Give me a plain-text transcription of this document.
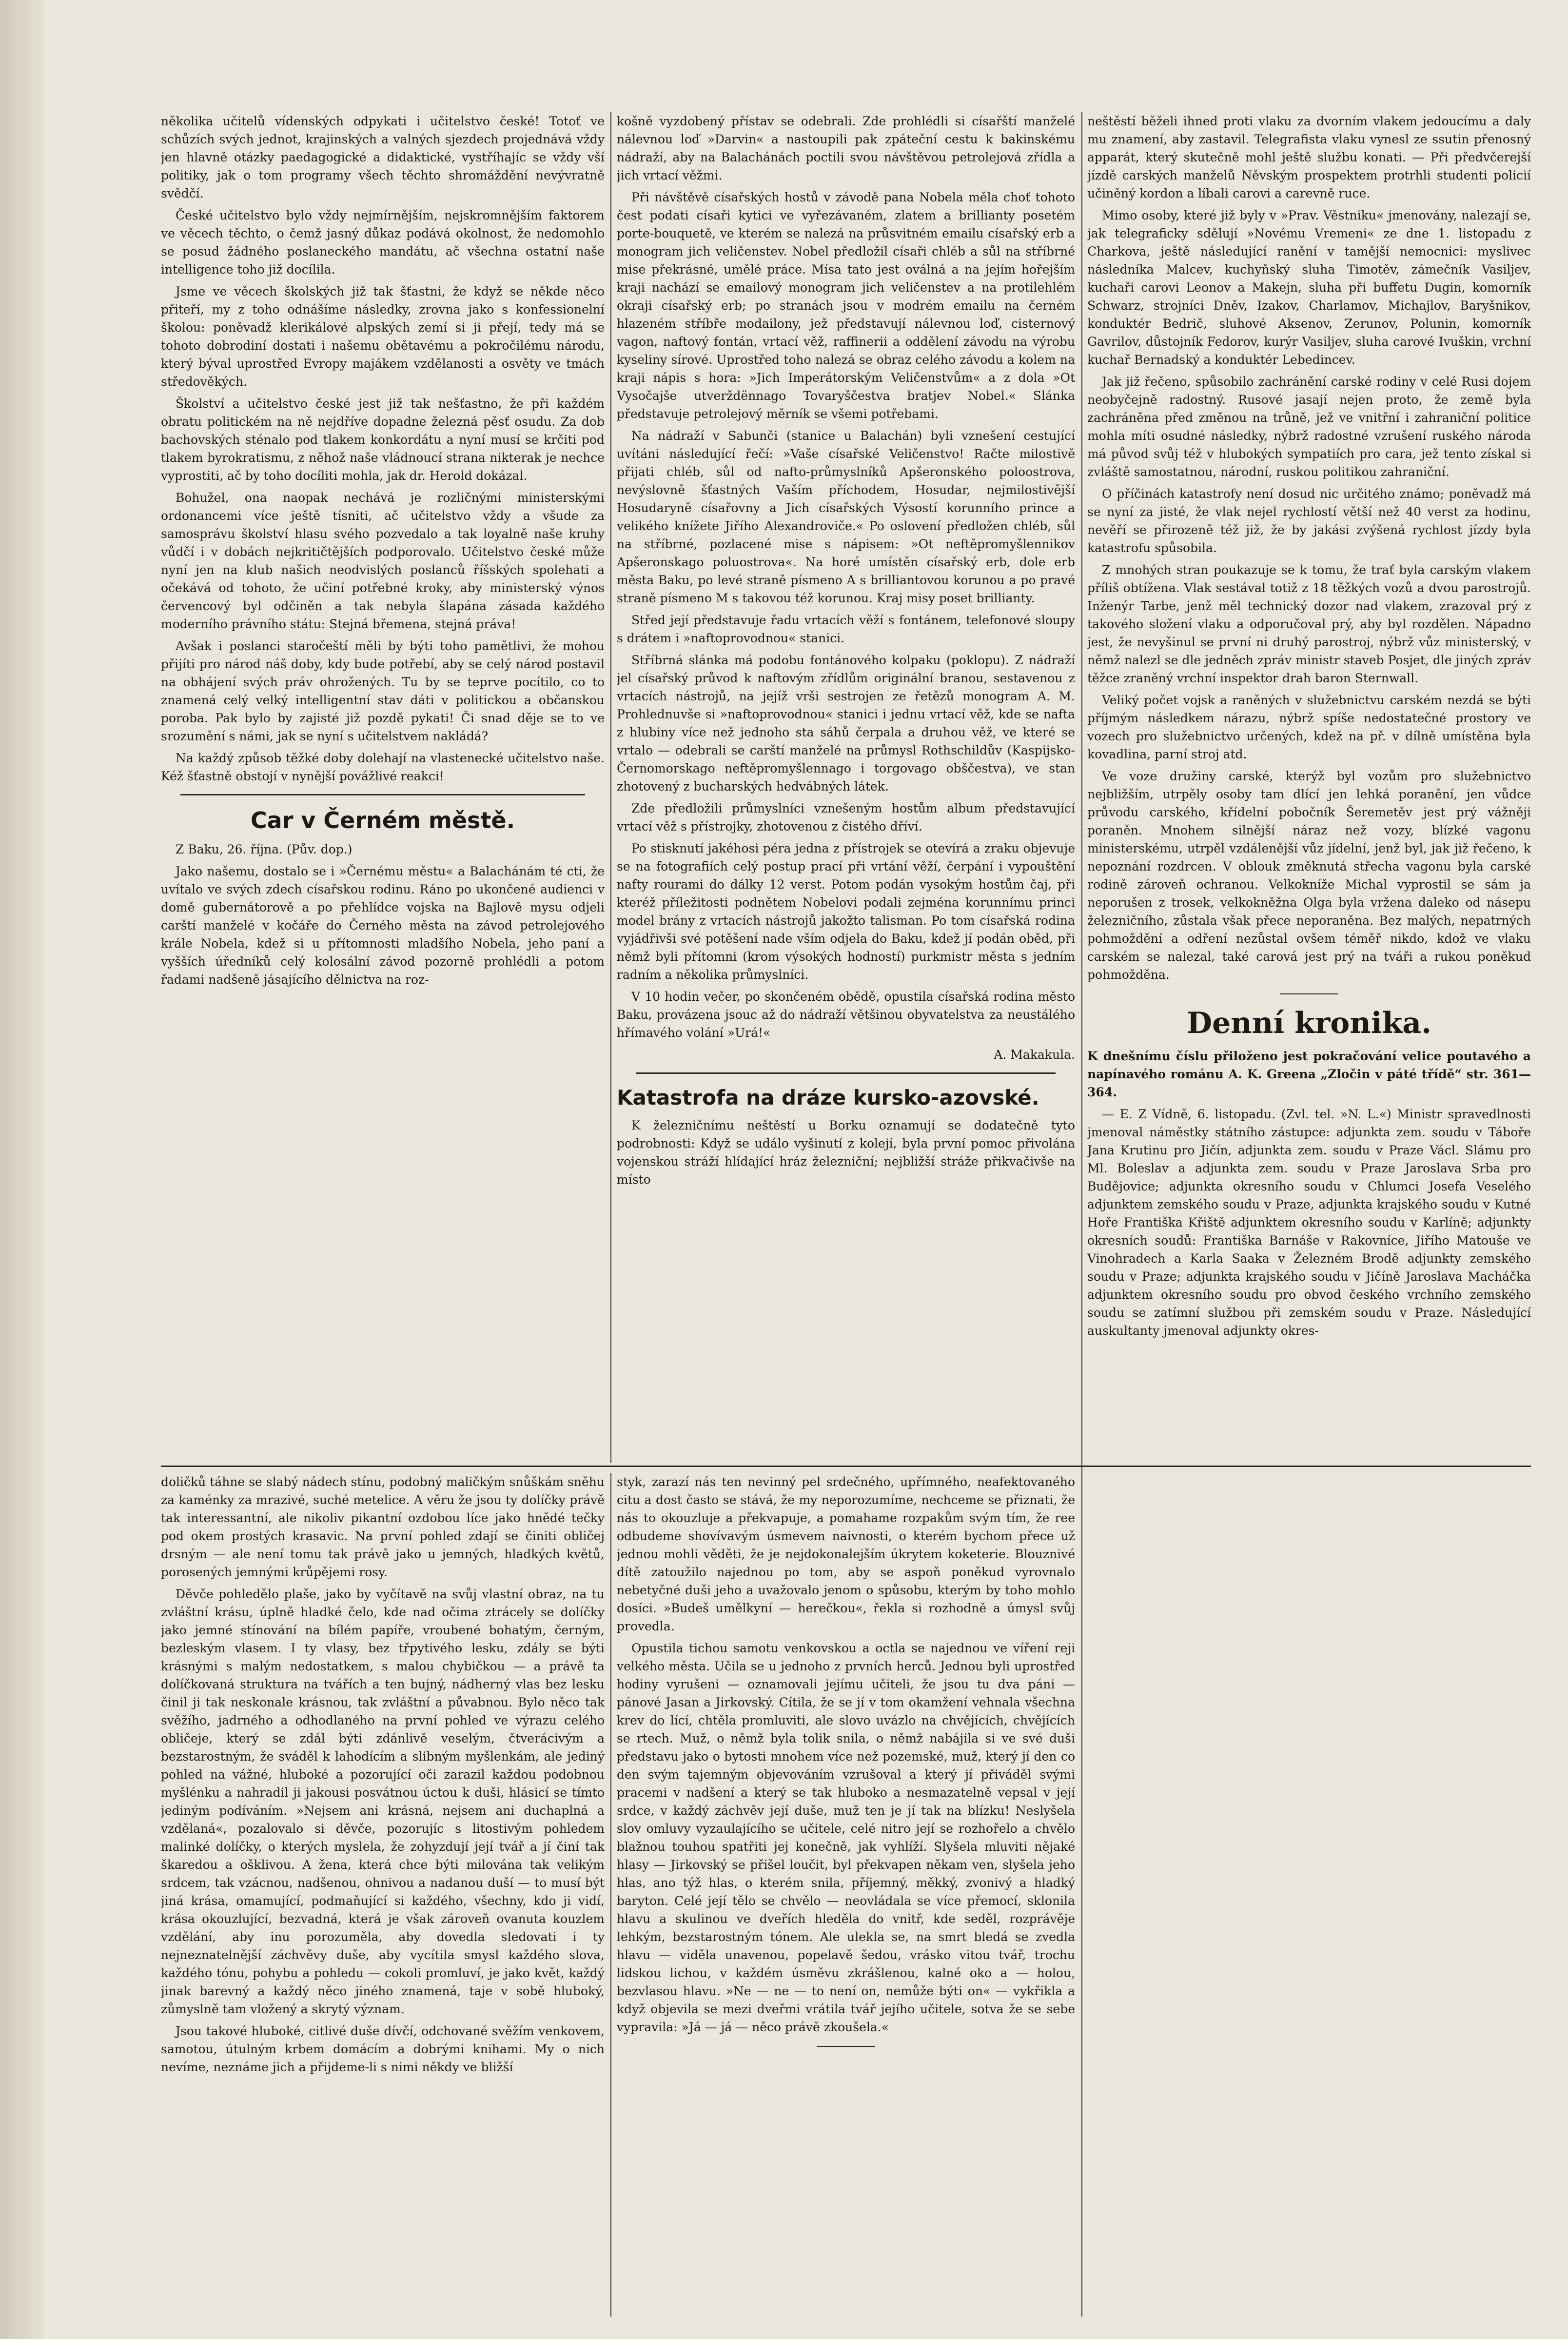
několika učitelů vídenských odpykati i učitelstvo české! Totoť ve schůzích svých jednot, krajinských a valných sjezdech projednává vždy jen hlavně otázky paedagogické a didaktické, vystříhajíc se vždy vší politiky, jak o tom programy všech těchto shromáždění nevývratně svědčí.

České učitelstvo bylo vždy nejmírnějším, nejskromnějším faktorem ve věcech těchto, o čemž jasný důkaz podává okolnost, že nedomohlo se posud žádného poslaneckého mandátu, ač všechna ostatní naše intelligence toho již docílila.

Jsme ve věcech školských již tak šťastni, že když se někde něco přiteří, my z toho odnášíme následky, zrovna jako s konfessionelní školou: poněvadž klerikálové alpských zemí si ji přejí, tedy má se tohoto dobrodiní dostati i našemu obětavému a pokročilému národu, který býval uprostřed Evropy majákem vzdělanosti a osvěty ve tmách středověkých.

Školství a učitelstvo české jest již tak nešťastno, že při každém obratu politickém na ně nejdříve dopadne železná pěsť osudu. Za dob bachovských sténalo pod tlakem konkordátu a nyní musí se krčiti pod tlakem byrokratismu, z něhož naše vládnoucí strana nikterak je nechce vyprostiti, ač by toho docíliti mohla, jak dr. Herold dokázal.

Bohužel, ona naopak nechává je rozličnými ministerskými ordonancemi více ještě tísniti, ač učitelstvo vždy a všude za samosprávu školství hlasu svého pozvedalo a tak loyalně naše kruhy vůdčí i v dobách nejkritičtějších podporovalo. Učitelstvo české může nyní jen na klub našich neodvislých poslanců říšských spolehati a očekává od tohoto, že učiní potřebné kroky, aby ministerský výnos červencový byl odčiněn a tak nebyla šlapána zásada každého moderního právního státu: Stejná břemena, stejná práva!

Avšak i poslanci staročeští měli by býti toho pamětlivi, že mohou přijíti pro národ náš doby, kdy bude potřebí, aby se celý národ postavil na obhájení svých práv ohrožených. Tu by se teprve pocítilo, co to znamená celý velký intelligentní stav dáti v politickou a občanskou poroba. Pak bylo by zajisté již pozdě pykati! Či snad děje se to ve srozumění s námi, jak se nyní s učitelstvem nakládá?

Na každý způsob těžké doby dolehají na vlastenecké učitelstvo naše. Kéž šťastně obstojí v nynější povážlivé reakci!

Car v Černém městě.

Z Baku, 26. října. (Pův. dop.)

Jako našemu, dostalo se i »Černému městu« a Balachánám té cti, že uvítalo ve svých zdech císařskou rodinu. Ráno po ukončené audienci v domě gubernátorově a po přehlídce vojska na Bajlově mysu odjeli carští manželé v kočáře do Černého města na závod petrolejového krále Nobela, kdež si u přítomnosti mladšího Nobela, jeho paní a vyšších úředníků celý kolosální závod pozorně prohlédli a potom řadami nadšeně jásajícího dělnictva na roz-

košně vyzdobený přístav se odebrali. Zde prohlédli si císařští manželé nálevnou loď »Darvin« a nastoupili pak zpáteční cestu k bakinskému nádraží, aby na Balachánách poctili svou návštěvou petrolejová zřídla a jich vrtací věžmi.

Při návštěvě císařských hostů v závodě pana Nobela měla choť tohoto čest podati císaři kytici ve vyřezávaném, zlatem a brillianty posetém porte-bouquetě, ve kterém se nalezá na průsvitném emailu císařský erb a monogram jich veličenstev. Nobel předložil císaři chléb a sůl na stříbrné mise překrásné, umělé práce. Mísa tato jest oválná a na jejím hořejším kraji nachází se emailový monogram jich veličenstev a na protilehlém okraji císařský erb; po stranách jsou v modrém emailu na černém hlazeném stříbře modailony, jež představují nálevnou loď, cisternový vagon, naftový fontán, vrtací věž, raffinerii a oddělení závodu na výrobu kyseliny sírové. Uprostřed toho nalezá se obraz celého závodu a kolem na kraji nápis s hora: »Jich Imperátorským Veličenstvům« a z dola »Ot Vysočajše utverždënnago Tovaryščestva bratjev Nobel.« Slánka představuje petrolejový měrník se všemi potřebami.

Na nádraží v Sabunči (stanice u Balachán) byli vznešení cestující uvítáni následující řečí: »Vaše císařské Veličenstvo! Račte milostivě přijati chléb, sůl od nafto-průmyslníků Apšeronského poloostrova, nevýslovně šťastných Vaším příchodem, Hosudar, nejmilostivější Hosudaryně císařovny a Jich císařských Výsostí korunního prince a velikého knížete Jiřího Alexandroviče.« Po oslovení předložen chléb, sůl na stříbrné, pozlacené mise s nápisem: »Ot neftěpromyšlennikov Apšeronskago poluostrova«. Na horé umístěn císařský erb, dole erb města Baku, po levé straně písmeno A s brilliantovou korunou a po pravé straně písmeno M s takovou též korunou. Kraj misy poset brillianty.

Střed její představuje řadu vrtacích věží s fontánem, telefonové sloupy s drátem i »naftoprovodnou« stanici.

Stříbrná slánka má podobu fontánového kolpaku (poklopu). Z nádraží jel císařský průvod k naftovým zřídlům originální branou, sestavenou z vrtacích nástrojů, na jejíž vrši sestrojen ze řetězů monogram A. M. Prohlednuvše si »naftoprovodnou« stanici i jednu vrtací věž, kde se nafta z hlubiny více než jednoho sta sáhů čerpala a druhou věž, ve které se vrtalo — odebrali se carští manželé na průmysl Rothschildův (Kaspijsko-Černomorskago neftěpromyšlennago i torgovago obščestva), ve stan zhotovený z bucharských hedvábných látek.

Zde předložili průmyslníci vznešeným hostům album představující vrtací věž s přístrojky, zhotovenou z čistého dříví.

Po stisknutí jakéhosi péra jedna z přístrojek se otevírá a zraku objevuje se na fotografiích celý postup prací při vrtání věží, čerpání i vypouštění nafty rourami do dálky 12 verst. Potom podán vysokým hostům čaj, při kteréž příležitosti podnětem Nobelovi podali zejména korunnímu princi model brány z vrtacích nástrojů jakožto talisman. Po tom císařská rodina vyjádřivši své potěšení nade vším odjela do Baku, kdež jí podán oběd, při němž byli přítomni (krom výsokých hodností) purkmistr města s jedním radním a několika průmyslníci.

V 10 hodin večer, po skončeném obědě, opustila císařská rodina město Baku, provázena jsouc až do nádraží většinou obyvatelstva za neustálého hřímavého volání »Urá!«

A. Makakula.

Katastrofa na dráze kursko-azovské.

K železničnímu neštěstí u Borku oznamují se dodatečně tyto podrobnosti: Když se událo vyšinutí z kolejí, byla první pomoc přivolána vojenskou stráží hlídající hráz železniční; nejbližší stráže přikvačivše na místo

neštěstí běželi ihned proti vlaku za dvorním vlakem jedoucímu a daly mu znamení, aby zastavil. Telegrafista vlaku vynesl ze ssutin přenosný apparát, který skutečně mohl ještě službu konati. — Při předvčerejší jízdě carských manželů Něvským prospektem protrhli studenti policií učiněný kordon a líbali carovi a carevně ruce.

Mimo osoby, které již byly v »Prav. Věstniku« jmenovány, nalezají se, jak telegraficky sdělují »Novému Vremeni« ze dne 1. listopadu z Charkova, ještě následující ranění v tamější nemocnici: myslivec následníka Malcev, kuchyňský sluha Timotěv, zámečník Vasiljev, kuchaři carovi Leonov a Makejn, sluha při buffetu Dugin, komorník Schwarz, strojníci Dněv, Izakov, Charlamov, Michajlov, Baryšnikov, konduktér Bedrič, sluhové Aksenov, Zerunov, Polunin, komorník Gavrilov, důstojník Fedorov, kurýr Vasiljev, sluha carové Ivuškin, vrchní kuchař Bernadský a konduktér Lebedincev.

Jak již řečeno, spůsobilo zachránění carské rodiny v celé Rusi dojem neobyčejně radostný. Rusové jasají nejen proto, že země byla zachráněna před změnou na trůně, jež ve vnitřní i zahraniční politice mohla míti osudné následky, nýbrž radostné vzrušení ruského národa má původ svůj též v hlubokých sympatiích pro cara, jež tento získal si zvláště samostatnou, národní, ruskou politikou zahraniční.

O příčinách katastrofy není dosud nic určitého známo; poněvadž má se nyní za jisté, že vlak nejel rychlostí větší než 40 verst za hodinu, nevěří se přirozeně též již, že by jakási zvýšená rychlost jízdy byla katastrofu spůsobila.

Z mnohých stran poukazuje se k tomu, že trať byla carským vlakem příliš obtížena. Vlak sestával totiž z 18 těžkých vozů a dvou parostrojů. Inženýr Tarbe, jenž měl technický dozor nad vlakem, zrazoval prý z takového složení vlaku a odporučoval prý, aby byl rozdělen. Nápadno jest, že nevyšinul se první ni druhý parostroj, nýbrž vůz ministerský, v němž nalezl se dle jedněch zpráv ministr staveb Posjet, dle jiných zpráv těžce zraněný vrchní inspektor drah baron Sternwall.

Veliký počet vojsk a raněných v služebnictvu carském nezdá se býti příjmým následkem nárazu, nýbrž spíše nedostatečné prostory ve vozech pro služebnictvo určených, kdež na př. v dílně umístěna byla kovadlina, parní stroj atd.

Ve voze družiny carské, kterýž byl vozům pro služebnictvo nejbližším, utrpěly osoby tam dlící jen lehká poranění, jen vůdce průvodu carského, křídelní pobočník Šeremetěv jest prý vážněji poraněn. Mnohem silnější náraz než vozy, blízké vagonu ministerskému, utrpěl vzdálenější vůz jídelní, jenž byl, jak již řečeno, k nepoznání rozdrcen. V oblouk změknutá střecha vagonu byla carské rodině zároveň ochranou. Velkokníže Michal vyprostil se sám ja neporušen z trosek, velkokněžna Olga byla vržena daleko od násepu železničního, zůstala však přece neporaněna. Bez malých, nepatrných pohmoždění a odření nezůstal ovšem téměř nikdo, kdož ve vlaku carském se nalezal, také carová jest prý na tváři a rukou poněkud pohmožděna.

Denní kronika.

K dnešnímu číslu přiloženo jest pokračování velice poutavého a napínavého románu A. K. Greena „Zločin v páté třídě“ str. 361—364.

— E. Z Vídně, 6. listopadu. (Zvl. tel. »N. L.«) Ministr spravedlnosti jmenoval náměstky státního zástupce: adjunkta zem. soudu v Táboře Jana Krutinu pro Jičín, adjunkta zem. soudu v Praze Václ. Slámu pro Ml. Boleslav a adjunkta zem. soudu v Praze Jaroslava Srba pro Budějovice; adjunkta okresního soudu v Chlumci Josefa Veselého adjunktem zemského soudu v Praze, adjunkta krajského soudu v Kutné Hoře Františka Křiště adjunktem okresního soudu v Karlíně; adjunkty okresních soudů: Františka Barnáše v Rakovníce, Jiřího Matouše ve Vinohradech a Karla Saaka v Železném Brodě adjunkty zemského soudu v Praze; adjunkta krajského soudu v Jičíně Jaroslava Macháčka adjunktem okresního soudu pro obvod českého vrchního zemského soudu se zatímní službou při zemském soudu v Praze. Následující auskultanty jmenoval adjunkty okres-

doličků táhne se slabý nádech stínu, podobný maličkým snůškám sněhu za kaménky za mrazivé, suché metelice. A věru že jsou ty dolíčky právě tak interessantní, ale nikoliv pikantní ozdobou líce jako hnědé tečky pod okem prostých krasavic. Na první pohled zdají se činiti obličej drsným — ale není tomu tak právě jako u jemných, hladkých květů, porosených jemnými krůpějemi rosy.

Děvče pohledělo plaše, jako by vyčítavě na svůj vlastní obraz, na tu zvláštní krásu, úplně hladké čelo, kde nad očima ztrácely se dolíčky jako jemné stínování na bílém papíře, vroubené bohatým, černým, bezleským vlasem. I ty vlasy, bez třpytivého lesku, zdály se býti krásnými s malým nedostatkem, s malou chybičkou — a právě ta dolíčkovaná struktura na tvářích a ten bujný, nádherný vlas bez lesku činil ji tak neskonale krásnou, tak zvláštní a půvabnou. Bylo něco tak svěžího, jadrného a odhodlaného na první pohled ve výrazu celého obličeje, který se zdál býti zdánlivě veselým, čtverácivým a bezstarostným, že sváděl k lahodícím a slibným myšlenkám, ale jediný pohled na vážné, hluboké a pozorující oči zarazil každou podobnou myšlénku a nahradil ji jakousi posvátnou úctou k duši, hlásicí se tímto jediným podíváním. »Nejsem ani krásná, nejsem ani duchaplná a vzdělaná«, pozalovalo si děvče, pozorujíc s litostivým pohledem malinké dolíčky, o kterých myslela, že zohyzdují její tvář a jí činí tak škaredou a ošklivou. A žena, která chce býti milována tak velikým srdcem, tak vzácnou, nadšenou, ohnivou a nadanou duší — to musí být jiná krása, omamující, podmaňující si každého, všechny, kdo ji vidí, krása okouzlující, bezvadná, která je však zároveň ovanuta kouzlem vzdělání, aby inu porozuměla, aby dovedla sledovati i ty nejneznatelnější záchvěvy duše, aby vycítila smysl každého slova, každého tónu, pohybu a pohledu — cokoli promluví, je jako květ, každý jinak barevný a každý něco jiného znamená, taje v sobě hluboký, zůmyslně tam vložený a skrytý význam.

Jsou takové hluboké, citlivé duše dívčí, odchované svěžím venkovem, samotou, útulným krbem domácím a dobrými knihami. My o nich nevíme, neznáme jich a přijdeme-li s nimi někdy ve bližší

styk, zarazí nás ten nevinný pel srdečného, upřímného, neafektovaného citu a dost často se stává, že my neporozumíme, nechceme se přiznati, že nás to okouzluje a překvapuje, a pomahame rozpakům svým tím, že ree odbudeme shovívavým úsmevem naivnosti, o kterém bychom přece už jednou mohli věděti, že je nejdokonalejším úkrytem koketerie. Blouznivé dítě zatoužilo najednou po tom, aby se aspoň poněkud vyrovnalo nebetyčné duši jeho a uvažovalo jenom o spůsobu, kterým by toho mohlo dosíci. »Budeš umělkyní — herečkou«, řekla si rozhodně a úmysl svůj provedla.

Opustila tichou samotu venkovskou a octla se najednou ve víření reji velkého města. Učila se u jednoho z prvních herců. Jednou byli uprostřed hodiny vyrušeni — oznamovali jejímu učiteli, že jsou tu dva páni — pánové Jasan a Jirkovský. Cítila, že se jí v tom okamžení vehnala všechna krev do lící, chtěla promluviti, ale slovo uvázlo na chvějících, chvějících se rtech. Muž, o němž byla tolik snila, o němž nabájila si ve své duši představu jako o bytosti mnohem více než pozemské, muž, který jí den co den svým tajemným objevováním vzrušoval a který jí přiváděl svými pracemi v nadšení a který se tak hluboko a nesmazatelně vepsal v její srdce, v každý záchvěv její duše, muž ten je jí tak na blízku! Neslyšela slov omluvy vyzaulajícího se učitele, celé nitro její se rozhořelo a chvělo blažnou touhou spatřiti jej konečně, jak vyhlíží. Slyšela mluviti nějaké hlasy — Jirkovský se přišel loučit, byl překvapen někam ven, slyšela jeho hlas, ano týž hlas, o kterém snila, příjemný, měkký, zvonivý a hladký baryton. Celé její tělo se chvělo — neovládala se více přemocí, sklonila hlavu a skulinou ve dveřích hleděla do vnitř, kde seděl, rozprávěje lehkým, bezstarostným tónem. Ale ulekla se, na smrt bledá se zvedla hlavu — viděla unavenou, popelavě šedou, vrásko vitou tvář, trochu lidskou lichou, v každém úsměvu zkrášlenou, kalné oko a — holou, bezvlasou hlavu. »Ne — ne — to není on, nemůže býti on« — vykřikla a když objevila se mezi dveřmi vrátila tvář jejího učitele, sotva že se sebe vypravila: »Já — já — něco právě zkoušela.«
